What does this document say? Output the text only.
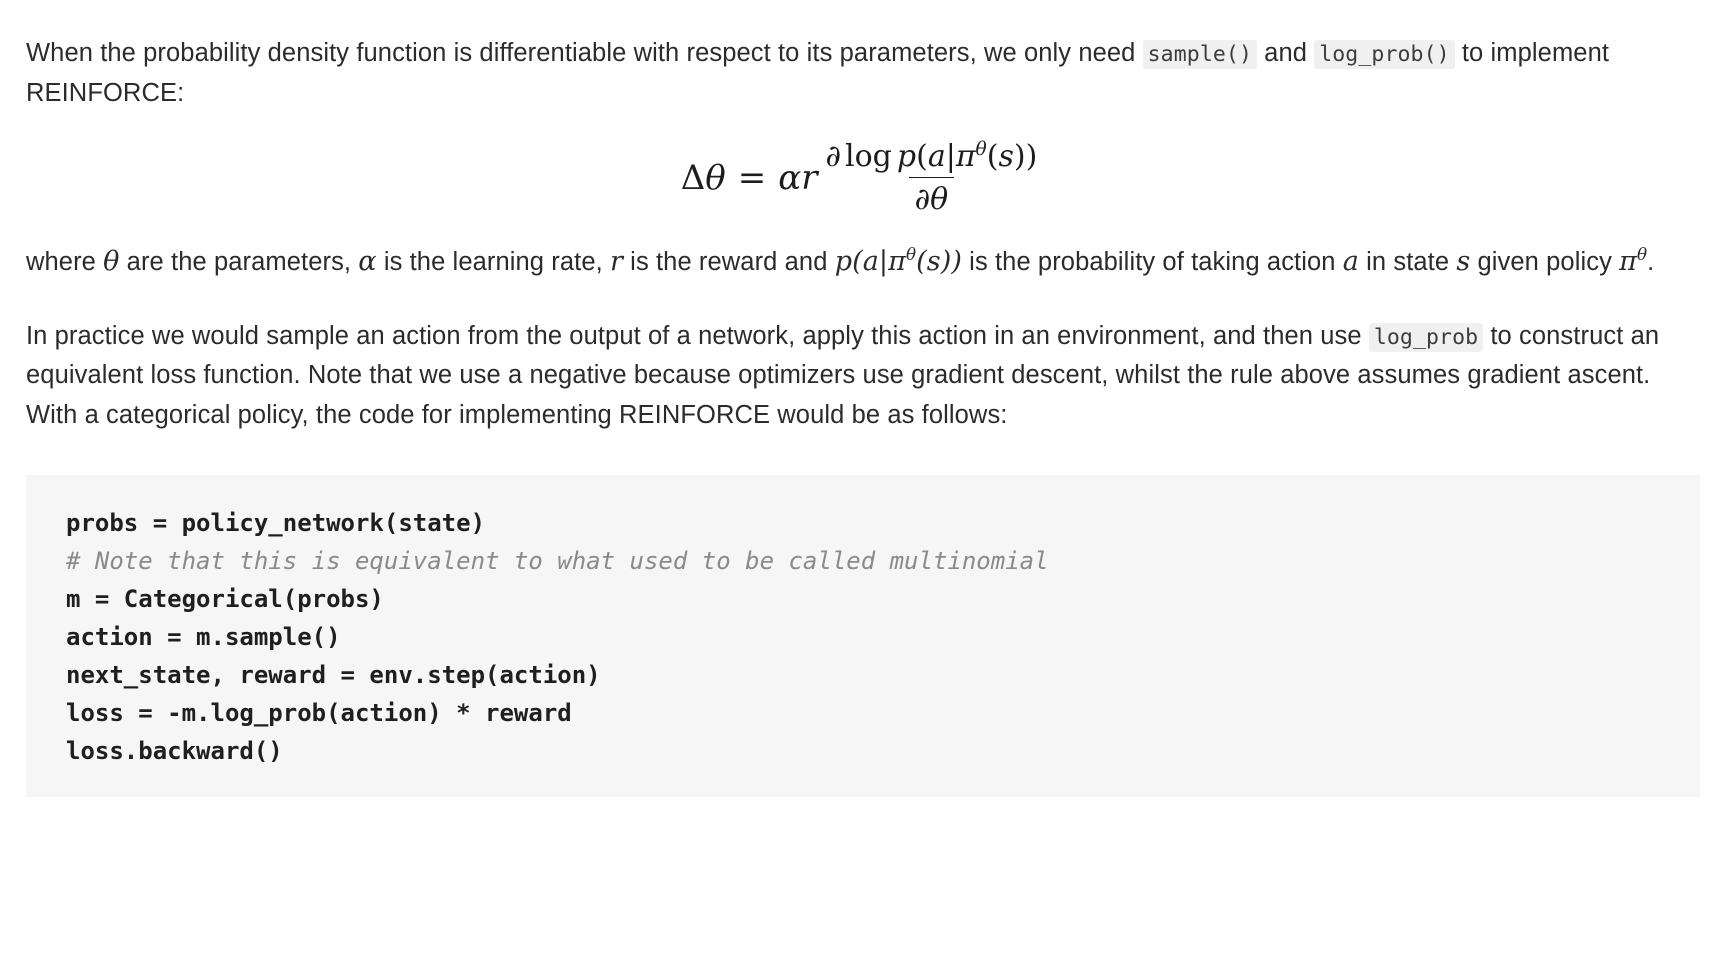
When the probability density function is differentiable with respect to its parameters, we only need sample() and log_prob() to implement REINFORCE:

Δ θ = α r $\frac{\partial \log p(a|\pi^\theta(s))}{\partial\theta}$

where θ are the parameters, α is the learning rate, r is the reward and $p(a|\pi^\theta(s))$ is the probability of taking action a in state s given policy $\pi^\theta$.

In practice we would sample an action from the output of a network, apply this action in an environment, and then use log_prob to construct an equivalent loss function. Note that we use a negative because optimizers use gradient descent, whilst the rule above assumes gradient ascent. With a categorical policy, the code for implementing REINFORCE would be as follows:

probs = policy_network(state)
# Note that this is equivalent to what used to be called multinomial
m = Categorical(probs)
action = m.sample()
next_state, reward = env.step(action)
loss = -m.log_prob(action) * reward
loss.backward()
